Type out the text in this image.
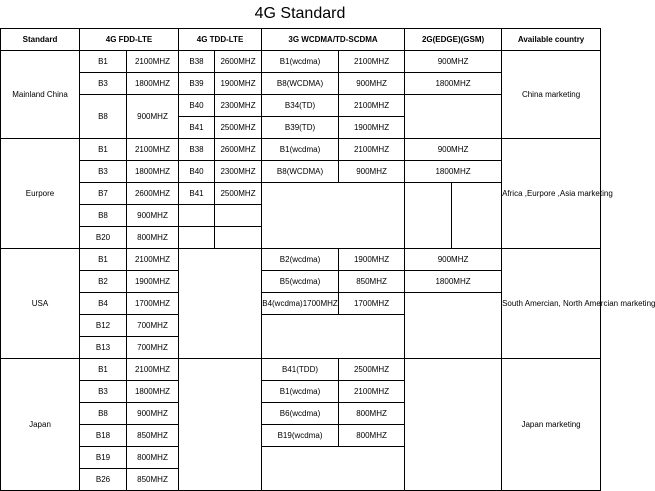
4G Standard
Standard	4G FDD-LTE		4G TDD-LTE		3G WCDMA/TD-SCDMA		2G(EDGE)(GSM)		Available country
Mainland China	B1	2100MHZ	B38	2600MHZ	B1(wcdma)	2100MHZ	900MHZ		China marketing
	B3	1800MHZ	B39	1900MHZ	B8(WCDMA)	900MHZ	1800MHZ		
	B8	900MHZ	B40	2300MHZ	B34(TD)	2100MHZ			
			B41	2500MHZ	B39(TD)	1900MHZ			
Eurpore	B1	2100MHZ	B38	2600MHZ	B1(wcdma)	2100MHZ	900MHZ		Africa ,Eurpore ,Asia marketing
	B3	1800MHZ	B40	2300MHZ	B8(WCDMA)	900MHZ	1800MHZ		
	B7	2600MHZ	B41	2500MHZ					
	B8	900MHZ							
	B20	800MHZ							
USA	B1	2100MHZ			B2(wcdma)	1900MHZ	900MHZ		South Amercian, North Amercian marketing
	B2	1900MHZ			B5(wcdma)	850MHZ	1800MHZ		
	B4	1700MHZ			B4(wcdma)1700MHZ	1700MHZ			
	B12	700MHZ							
	B13	700MHZ							
Japan	B1	2100MHZ			B41(TDD)	2500MHZ			Japan marketing
	B3	1800MHZ			B1(wcdma)	2100MHZ			
	B8	900MHZ			B6(wcdma)	800MHZ			
	B18	850MHZ			B19(wcdma)	800MHZ			
	B19	800MHZ							
	B26	850MHZ							
